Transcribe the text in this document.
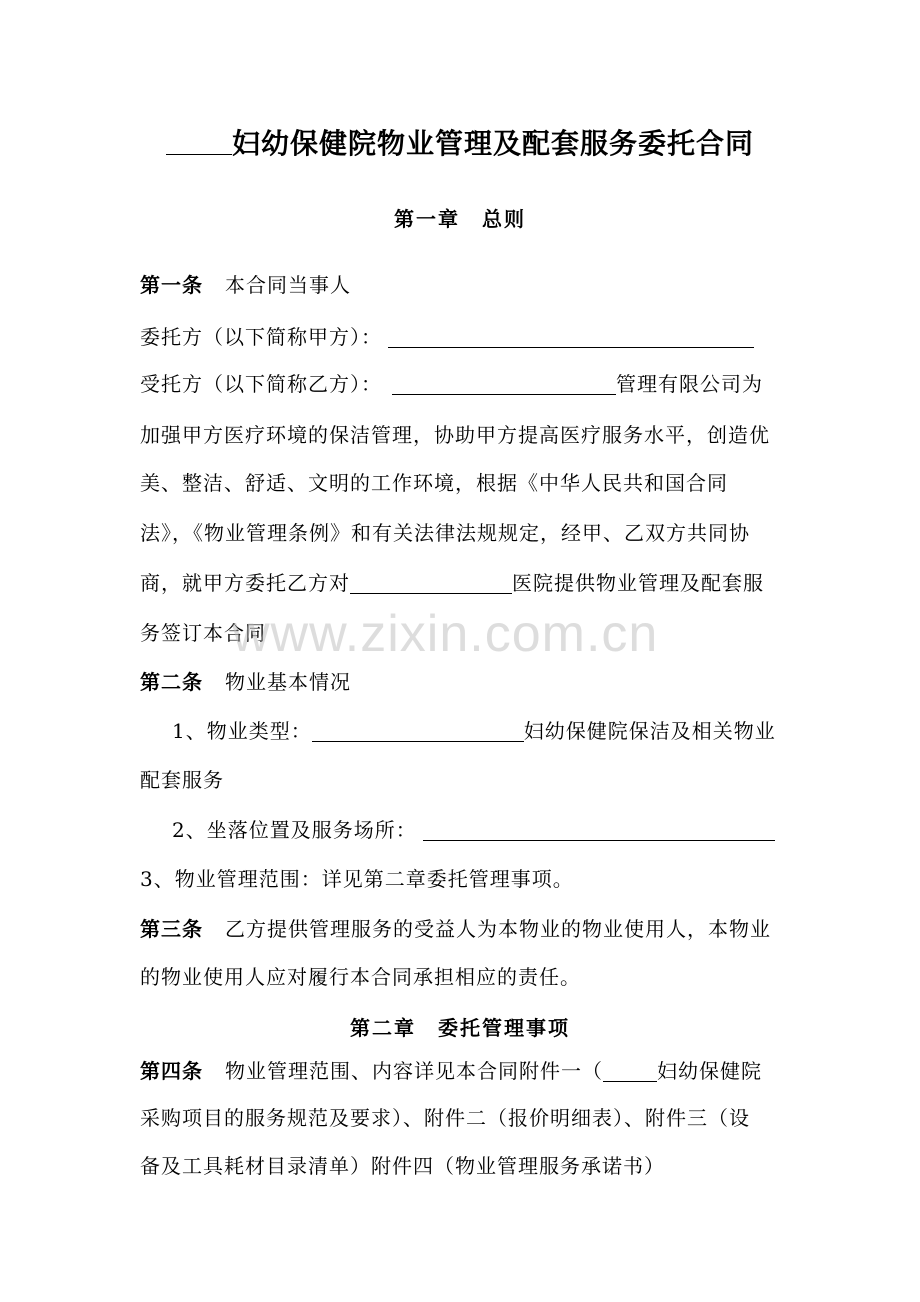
妇幼保健院物业管理及配套服务委托合同
第一章　总则
第一条 本合同当事人
委托方（以下简称甲方）：
受托方（以下简称乙方）：	管理有限公司为
加强甲方医疗环境的保洁管理，协助甲方提高医疗服务水平，创造优
美、整洁、舒适、文明的工作环境，根据《中华人民共和国合同
法》，《物业管理条例》和有关法律法规规定，经甲、乙双方共同协
商，就甲方委托乙方对	医院提供物业管理及配套服
务签订本合同
第二条 物业基本情况
1、物业类型：	妇幼保健院保洁及相关物业
配套服务
2、坐落位置及服务场所：
3、物业管理范围：详见第二章委托管理事项。
第三条 乙方提供管理服务的受益人为本物业的物业使用人，本物业
的物业使用人应对履行本合同承担相应的责任。
第二章　委托管理事项
第四条 物业管理范围、内容详见本合同附件一（	妇幼保健院
采购项目的服务规范及要求）、附件二（报价明细表）、附件三（设
备及工具耗材目录清单）附件四（物业管理服务承诺书）
www.zixin.com.cn
